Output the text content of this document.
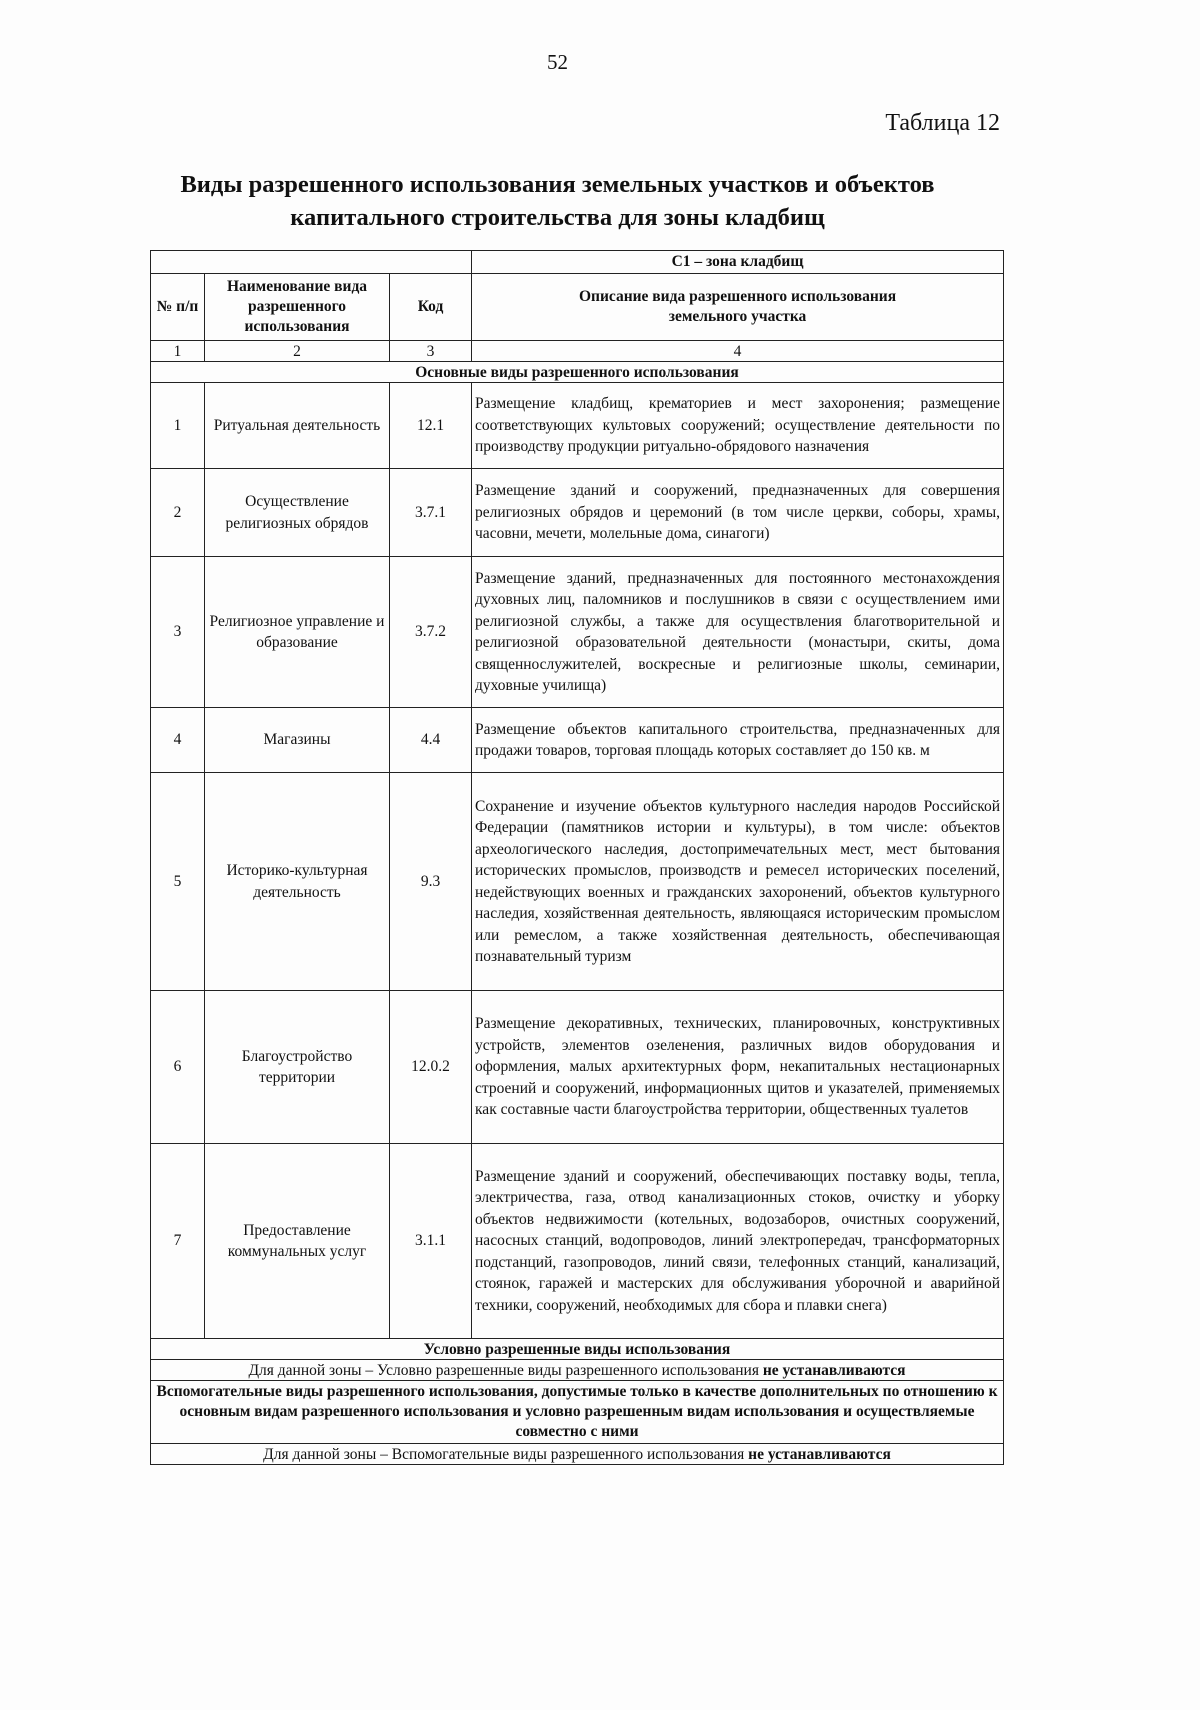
52
Таблица 12
Виды разрешенного использования земельных участков и объектов
капитального строительства для зоны кладбищ
			С1 – зона кладбищ
№ п/п	Наименование вида разрешенного использования	Код	Описание вида разрешенного использования земельного участка
1	2	3	4
Основные виды разрешенного использования			
1	Ритуальная деятельность	12.1	Размещение кладбищ, крематориев и мест захоронения; размещение соответствующих культовых сооружений; осуществление деятельности по производству продукции ритуально-обрядового назначения
2	Осуществление религиозных обрядов	3.7.1	Размещение зданий и сооружений, предназначенных для совершения религиозных обрядов и церемоний (в том числе церкви, соборы, храмы, часовни, мечети, молельные дома, синагоги)
3	Религиозное управление и образование	3.7.2	Размещение зданий, предназначенных для постоянного местонахождения духовных лиц, паломников и послушников в связи с осуществлением ими религиозной службы, а также для осуществления благотворительной и религиозной образовательной деятельности (монастыри, скиты, дома священнослужителей, воскресные и религиозные школы, семинарии, духовные училища)
4	Магазины	4.4	Размещение объектов капитального строительства, предназначенных для продажи товаров, торговая площадь которых составляет до 150 кв. м
5	Историко-культурная деятельность	9.3	Сохранение и изучение объектов культурного наследия народов Российской Федерации (памятников истории и культуры), в том числе: объектов археологического наследия, достопримечательных мест, мест бытования исторических промыслов, производств и ремесел исторических поселений, недействующих военных и гражданских захоронений, объектов культурного наследия, хозяйственная деятельность, являющаяся историческим промыслом или ремеслом, а также хозяйственная деятельность, обеспечивающая познавательный туризм
6	Благоустройство территории	12.0.2	Размещение декоративных, технических, планировочных, конструктивных устройств, элементов озеленения, различных видов оборудования и оформления, малых архитектурных форм, некапитальных нестационарных строений и сооружений, информационных щитов и указателей, применяемых как составные части благоустройства территории, общественных туалетов
7	Предоставление коммунальных услуг	3.1.1	Размещение зданий и сооружений, обеспечивающих поставку воды, тепла, электричества, газа, отвод канализационных стоков, очистку и уборку объектов недвижимости (котельных, водозаборов, очистных сооружений, насосных станций, водопроводов, линий электропередач, трансформаторных подстанций, газопроводов, линий связи, телефонных станций, канализаций, стоянок, гаражей и мастерских для обслуживания уборочной и аварийной техники, сооружений, необходимых для сбора и плавки снега)
Условно разрешенные виды использования			
Для данной зоны – Условно разрешенные виды разрешенного использования не устанавливаются			
Вспомогательные виды разрешенного использования, допустимые только в качестве дополнительных по отношению к основным видам разрешенного использования и условно разрешенным видам использования и осуществляемые совместно с ними			
Для данной зоны – Вспомогательные виды разрешенного использования не устанавливаются			
